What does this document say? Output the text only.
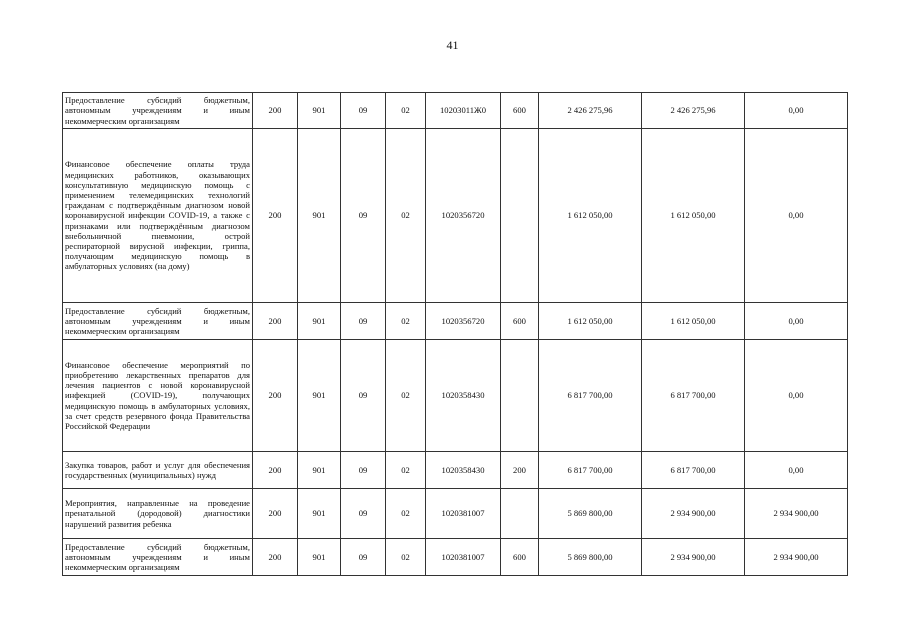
41
Предоставление субсидий бюджетным, автономным учреждениям и иным некоммерческим организациям	200	901	09	02	10203011Ж0	600	2 426 275,96	2 426 275,96	0,00
Финансовое обеспечение оплаты труда медицинских работников, оказывающих консультативную медицинскую помощь с применением телемедицинских технологий гражданам с подтверждённым диагнозом новой коронавирусной инфекции COVID-19, а также с признаками или подтверждённым диагнозом внебольничной пневмонии, острой респираторной вирусной инфекции, гриппа, получающим медицинскую помощь в амбулаторных условиях (на дому)	200	901	09	02	1020356720		1 612 050,00	1 612 050,00	0,00
Предоставление субсидий бюджетным, автономным учреждениям и иным некоммерческим организациям	200	901	09	02	1020356720	600	1 612 050,00	1 612 050,00	0,00
Финансовое обеспечение мероприятий по приобретению лекарственных препаратов для лечения пациентов с новой коронавирусной инфекцией (COVID-19), получающих медицинскую помощь в амбулаторных условиях, за счет средств резервного фонда Правительства Российской Федерации	200	901	09	02	1020358430		6 817 700,00	6 817 700,00	0,00
Закупка товаров, работ и услуг для обеспечения государственных (муниципальных) нужд	200	901	09	02	1020358430	200	6 817 700,00	6 817 700,00	0,00
Мероприятия, направленные на проведение пренатальной (дородовой) диагностики нарушений развития ребенка	200	901	09	02	1020381007		5 869 800,00	2 934 900,00	2 934 900,00
Предоставление субсидий бюджетным, автономным учреждениям и иным некоммерческим организациям	200	901	09	02	1020381007	600	5 869 800,00	2 934 900,00	2 934 900,00
